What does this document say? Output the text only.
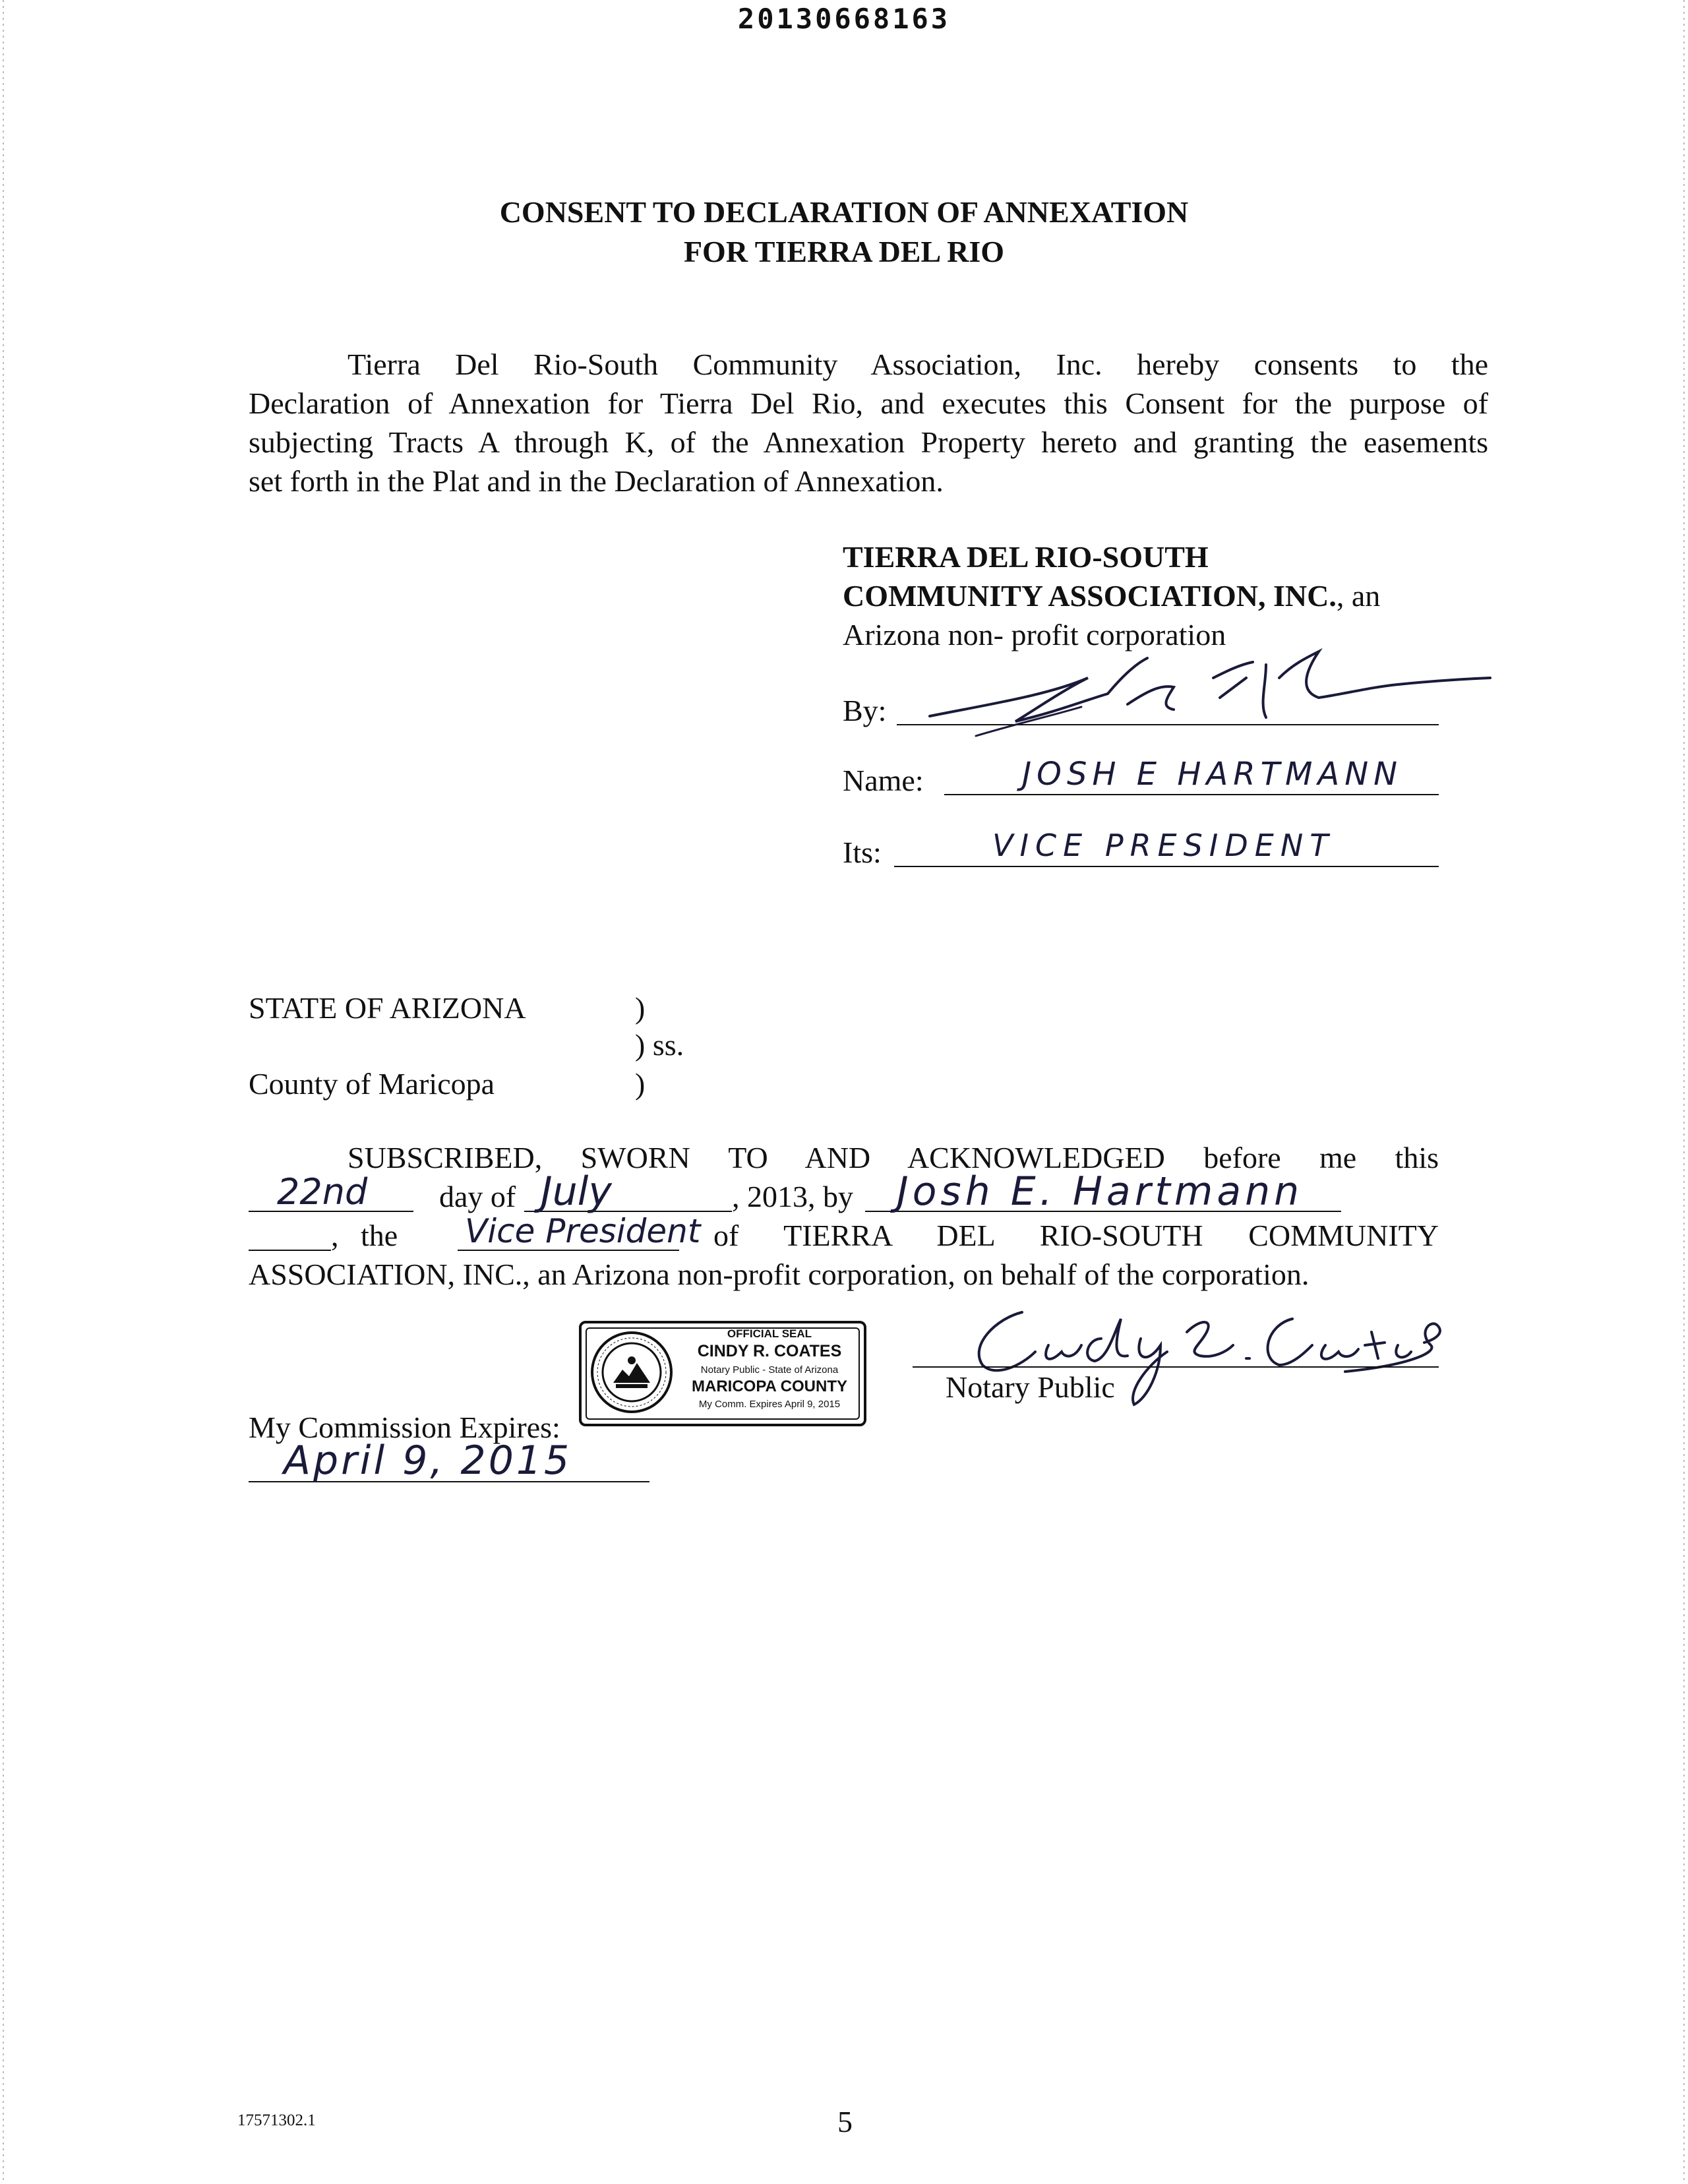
20130668163
CONSENT TO DECLARATION OF ANNEXATION
FOR TIERRA DEL RIO
Tierra Del Rio-South Community Association, Inc. hereby consents to the
Declaration of Annexation for Tierra Del Rio, and executes this Consent for the purpose of
subjecting Tracts A through K, of the Annexation Property hereto and granting the easements
set forth in the Plat and in the Declaration of Annexation.
TIERRA DEL RIO-SOUTH
COMMUNITY ASSOCIATION, INC., an
Arizona non- profit corporation
By:
Name:	JOSH E HARTMANN
Its:	VICE PRESIDENT
STATE OF ARIZONA	)
) ss.
County of Maricopa	)
SUBSCRIBED, SWORN TO AND ACKNOWLEDGED before me this
22nd day of July	, 2013, by Josh E. Hartmann
, the Vice President of TIERRA DEL RIO-SOUTH COMMUNITY
ASSOCIATION, INC., an Arizona non-profit corporation, on behalf of the corporation.
OFFICIAL SEAL
CINDY R. COATES
Notary Public - State of Arizona
MARICOPA COUNTY
My Comm. Expires April 9, 2015
Notary Public
My Commission Expires:
April 9, 2015
17571302.1	5
